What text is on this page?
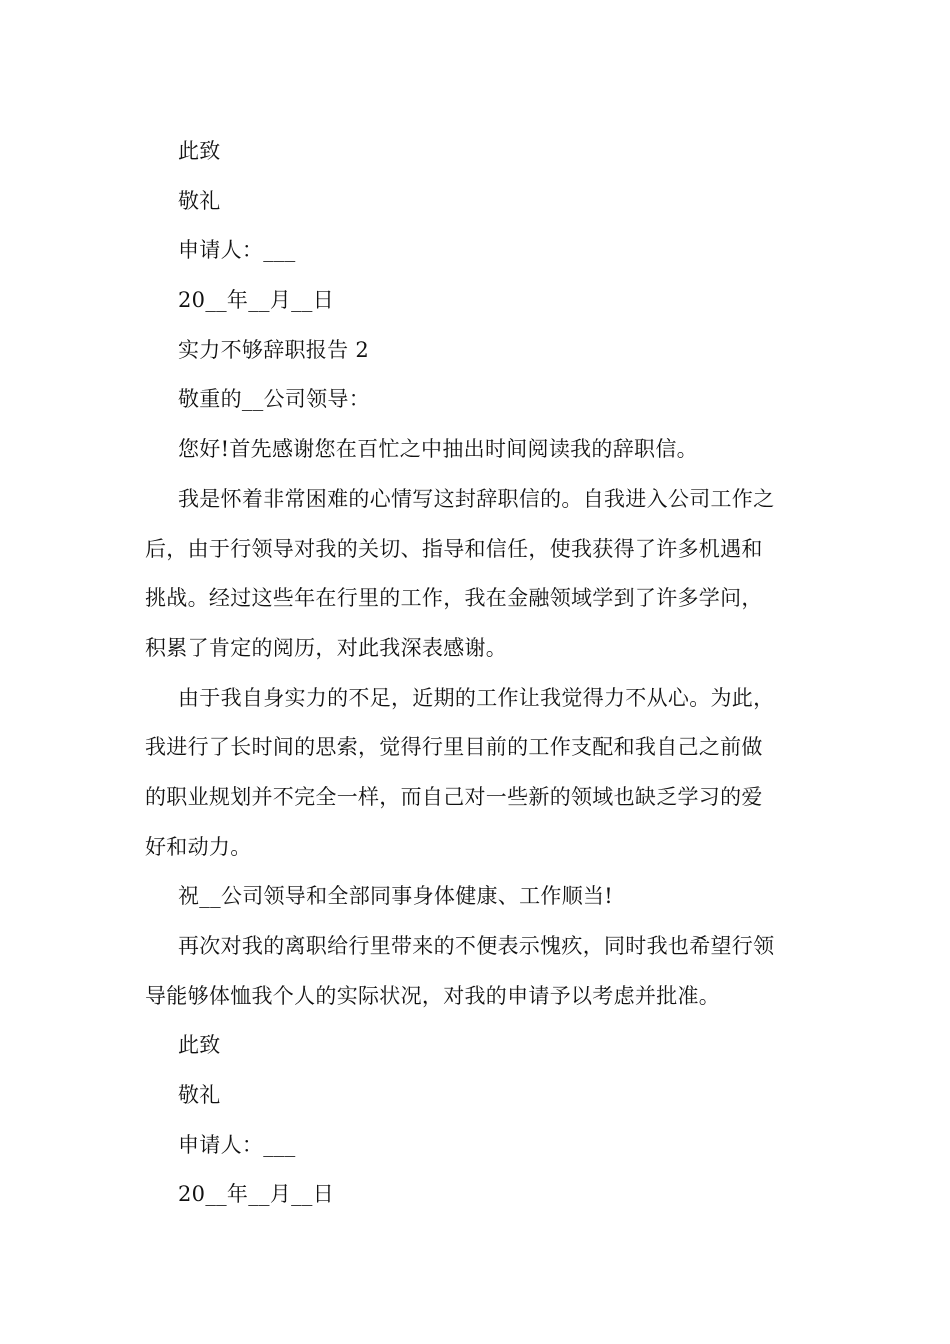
此致
敬礼
申请人：___
20__年__月__日
实力不够辞职报告 2
敬重的__公司领导：
您好!首先感谢您在百忙之中抽出时间阅读我的辞职信。
我是怀着非常困难的心情写这封辞职信的。自我进入公司工作之
后，由于行领导对我的关切、指导和信任，使我获得了许多机遇和
挑战。经过这些年在行里的工作，我在金融领域学到了许多学问，
积累了肯定的阅历，对此我深表感谢。
由于我自身实力的不足，近期的工作让我觉得力不从心。为此，
我进行了长时间的思索，觉得行里目前的工作支配和我自己之前做
的职业规划并不完全一样，而自己对一些新的领域也缺乏学习的爱
好和动力。
祝__公司领导和全部同事身体健康、工作顺当!
再次对我的离职给行里带来的不便表示愧疚，同时我也希望行领
导能够体恤我个人的实际状况，对我的申请予以考虑并批准。
此致
敬礼
申请人：___
20__年__月__日
